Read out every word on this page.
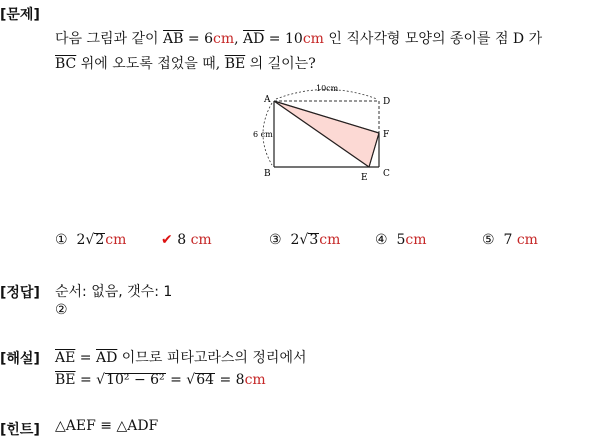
[문제]
[정답]
[해설]
[힌트]
다음 그림과 같이 $\overline{AB} = 6cm$, $\overline{AD} = 10cm$ 인 직사각형 모양의 종이를 점 D 가
$\overline{BC}$ 위에 오도록 접었을 때, $\overline{BE}$ 의 길이는?
A	D
F
B	C
E
10cm
6 cm
① 2√2cm ✔ 8 cm	③ 2√3cm ④ 5cm	⑤ 7 cm
순서: 없음, 갯수: 1
②
$\overline{AE} = \overline{AD}$ 이므로 피타고라스의 정리에서
$\overline{BE} = √10^2 - 6^2 = √64 = 8cm$
△AEF ≡ △ADF
